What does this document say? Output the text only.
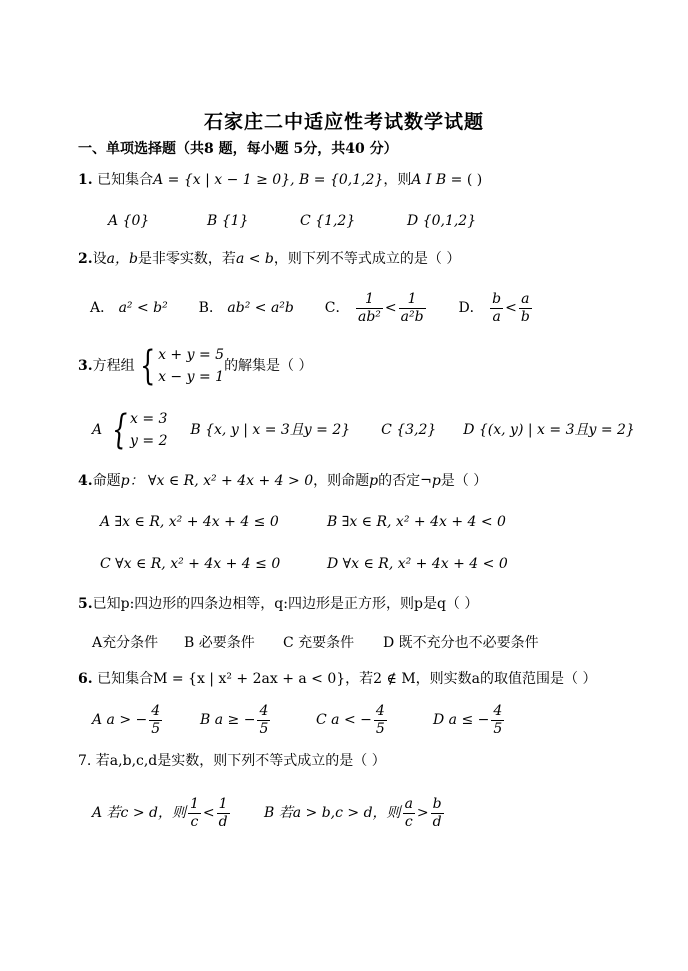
石家庄二中适应性考试数学试题
一、单项选择题（共8 题，每小题 5分，共40 分）
1. 已知集合A = {x | x − 1 ≥ 0}, B = {0,1,2}，则A I B = ( )
A {0}	B {1}	C {1,2}	D {0,1,2}
2.设a，b是非零实数，若a < b，则下列不等式成立的是（ ）
A． a² < b² B． ab² < a²b C． $\frac{1}{\text{ab²}} < \frac{1}{\text{a²b}}$ D． $\frac{b}{a} < \frac{a}{b}$
3.方程组 { x + y = 5
x − y = 1
的解集是（ ）
A { x = 3
y = 2
B {x, y | x = 3且y = 2} C {3,2} D {(x, y) | x = 3且y = 2}
4.命题p： ∀x ∈ R, x² + 4x + 4 > 0，则命题p的否定¬p是（ ）
A ∃x ∈ R, x² + 4x + 4 ≤ 0	B ∃x ∈ R, x² + 4x + 4 < 0
C ∀x ∈ R, x² + 4x + 4 ≤ 0	D ∀x ∈ R, x² + 4x + 4 < 0
5.已知p:四边形的四条边相等，q:四边形是正方形，则p是q（ ）
A充分条件 B 必要条件 C 充要条件 D 既不充分也不必要条件
6. 已知集合M = {x | x² + 2ax + a < 0}，若2 ∉ M，则实数a的取值范围是（ ）
A a > − $\frac{4}{5}$	B a ≥ − $\frac{4}{5}$	C a < − $\frac{4}{5}$	D a ≤ − $\frac{4}{5}$
7. 若a,b,c,d是实数，则下列不等式成立的是（ ）
A 若c > d，则 $\frac{1}{c} < \frac{1}{d}$ B 若a > b,c > d，则 $\frac{a}{c} > \frac{b}{d}$
